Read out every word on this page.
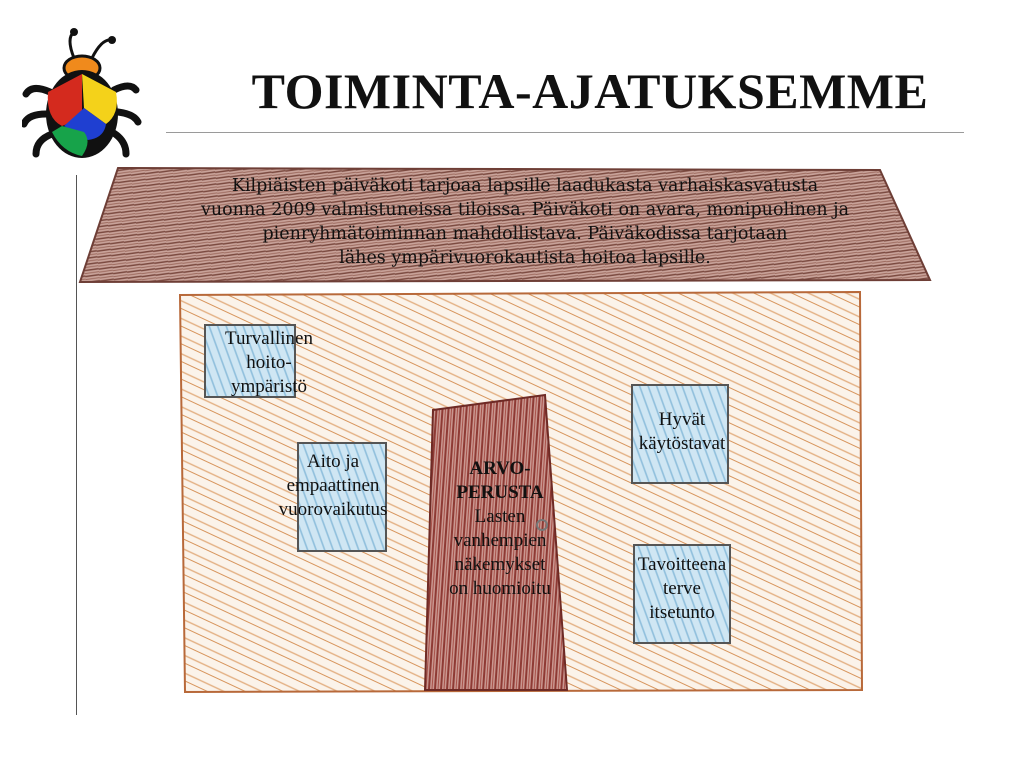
TOIMINTA-AJATUKSEMME
Kilpiäisten päiväkoti tarjoaa lapsille laadukasta varhaiskasvatusta
vuonna 2009 valmistuneissa tiloissa. Päiväkoti on avara, monipuolinen ja
pienryhmätoiminnan mahdollistava. Päiväkodissa tarjotaan
lähes ympärivuorokautista hoitoa lapsille.
Turvallinen
hoito-
ympäristö
Aito ja
empaattinen
vuorovaikutus
ARVO-
PERUSTA
Lasten
vanhempien
näkemykset
on huomioitu
Hyvät
käytöstavat
Tavoitteena
terve
itsetunto
